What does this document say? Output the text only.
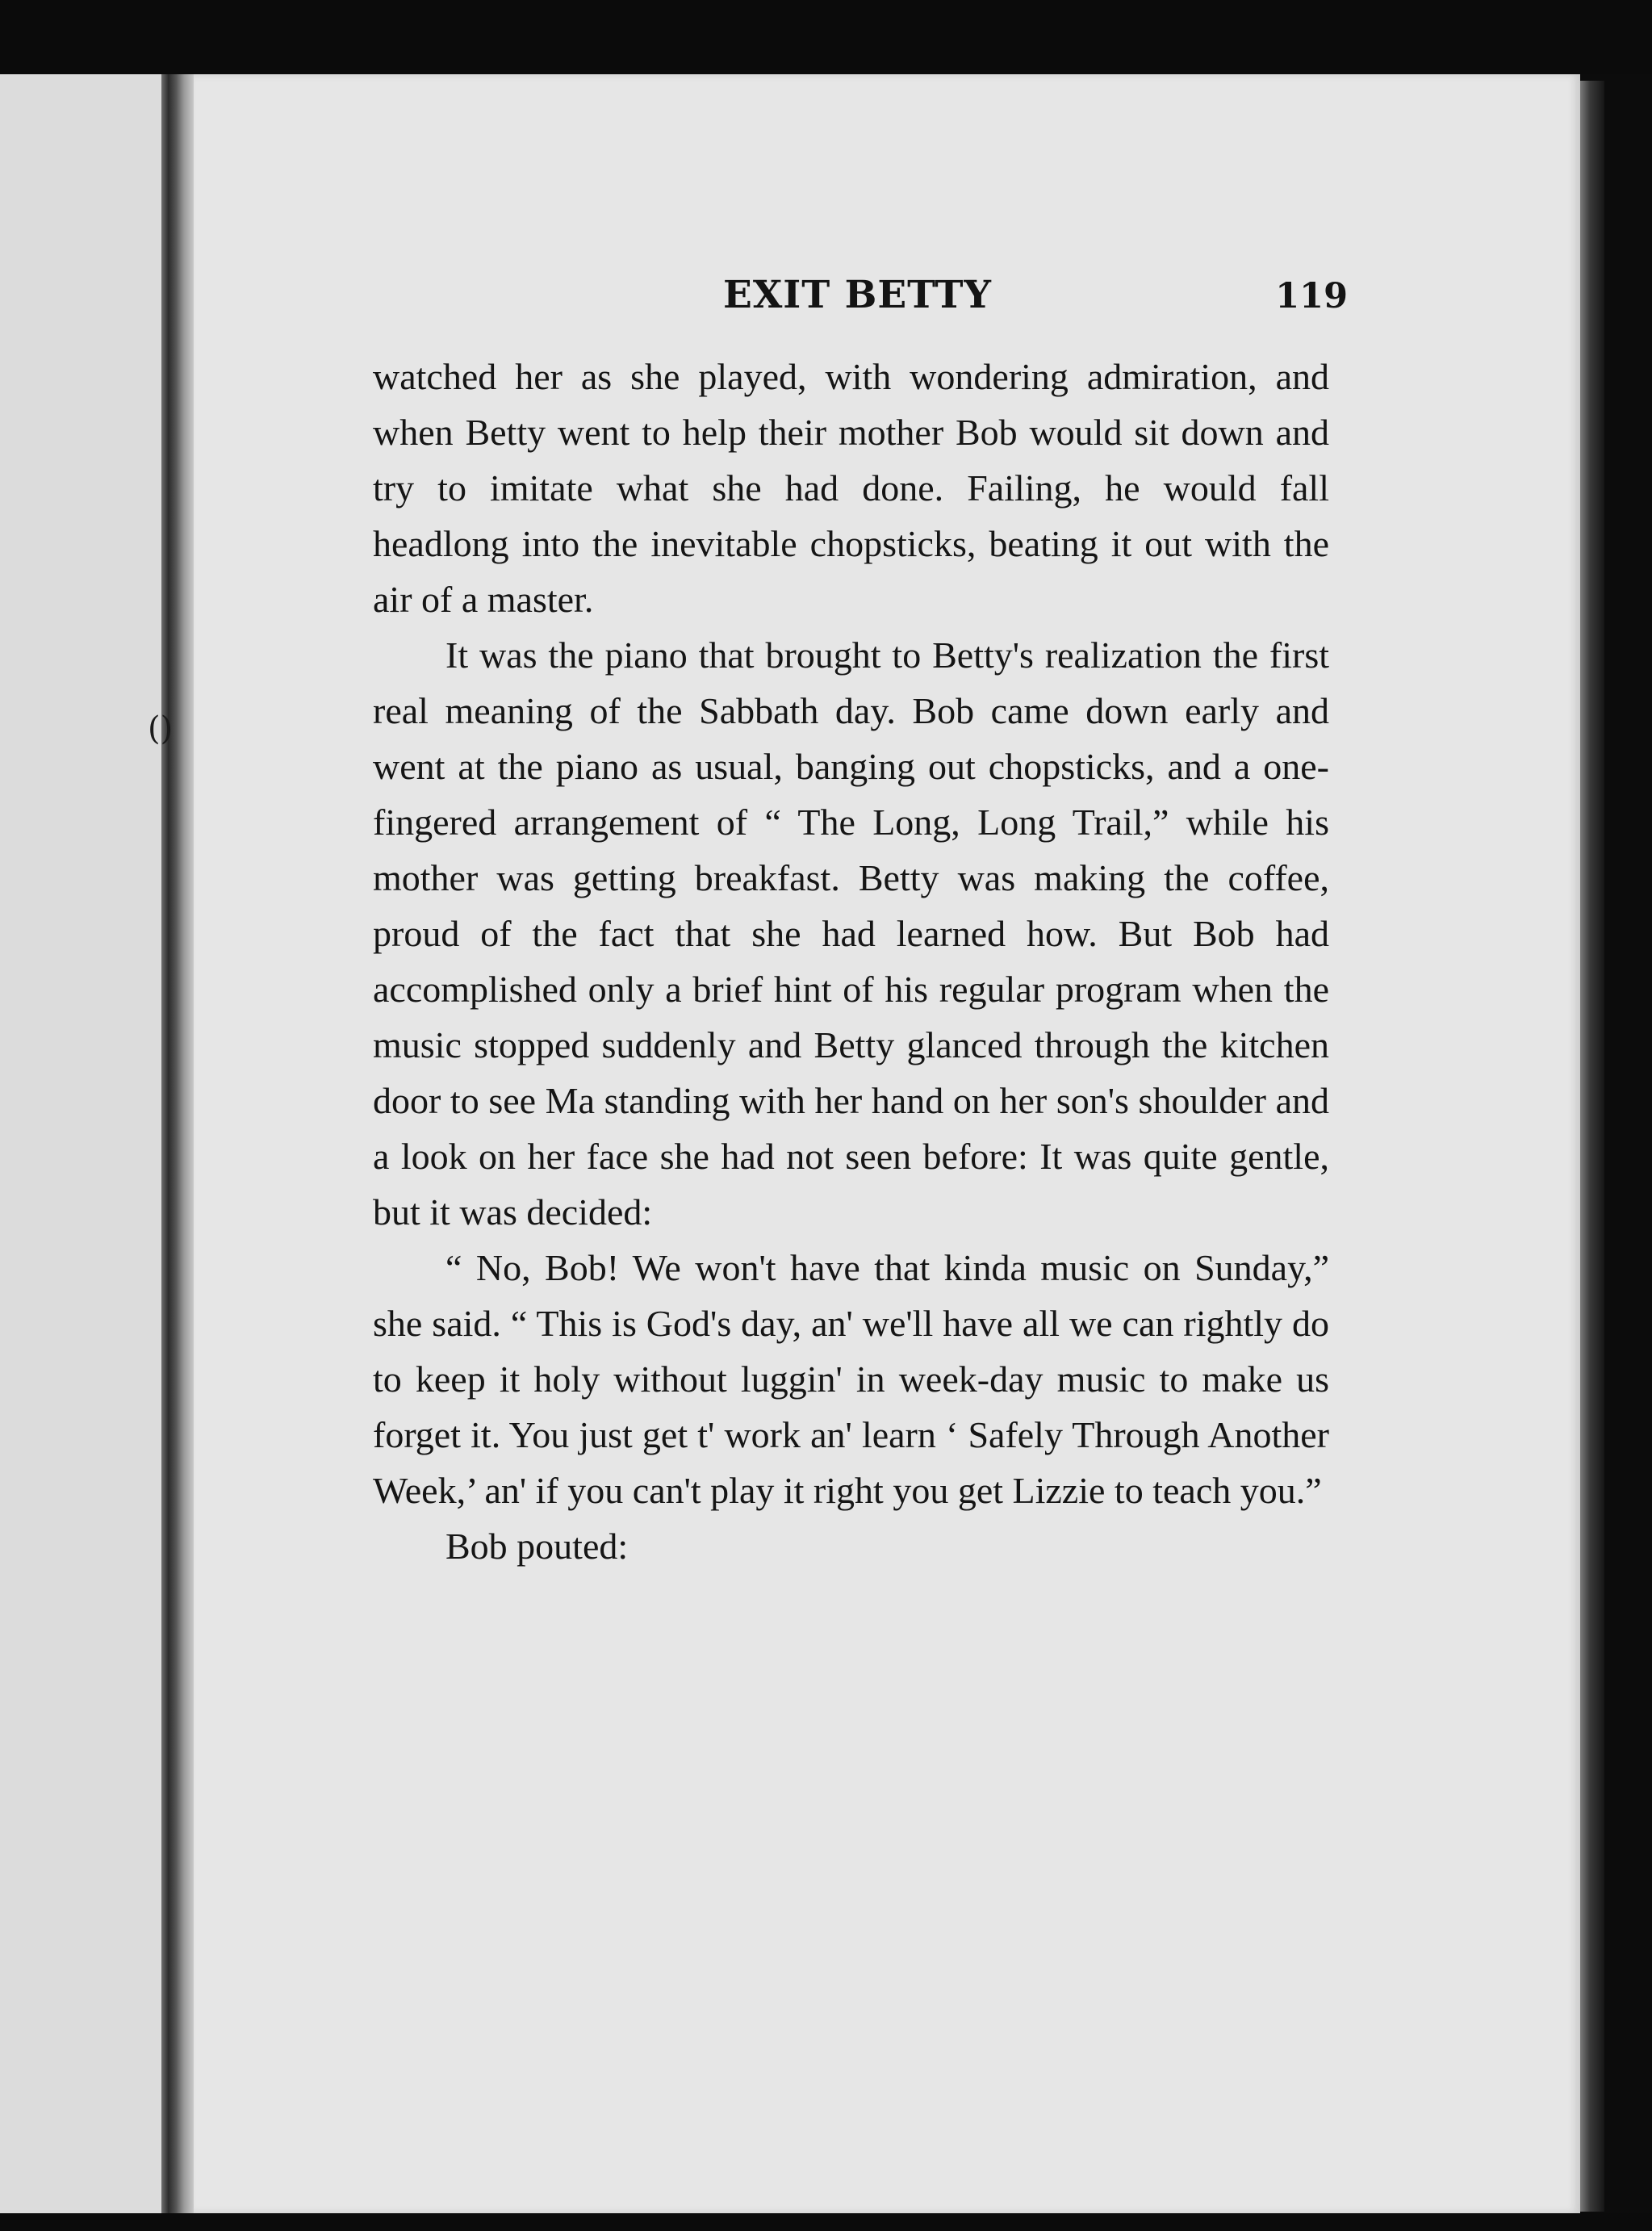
()
EXIT BETTY	119

watched her as she played, with wondering admiration, and when Betty went to help their mother Bob would sit down and try to imitate what she had done. Failing, he would fall headlong into the inevitable chopsticks, beating it out with the air of a master.

It was the piano that brought to Betty's realization the first real meaning of the Sabbath day. Bob came down early and went at the piano as usual, banging out chopsticks, and a one-fingered arrangement of “ The Long, Long Trail,” while his mother was getting breakfast. Betty was making the coffee, proud of the fact that she had learned how. But Bob had accomplished only a brief hint of his regular program when the music stopped suddenly and Betty glanced through the kitchen door to see Ma standing with her hand on her son's shoulder and a look on her face she had not seen before: It was quite gentle, but it was decided:

“ No, Bob! We won't have that kinda music on Sunday,” she said. “ This is God's day, an' we'll have all we can rightly do to keep it holy without luggin' in week-day music to make us forget it. You just get t' work an' learn ‘ Safely Through Another Week,’ an' if you can't play it right you get Lizzie to teach you.”

Bob pouted:
